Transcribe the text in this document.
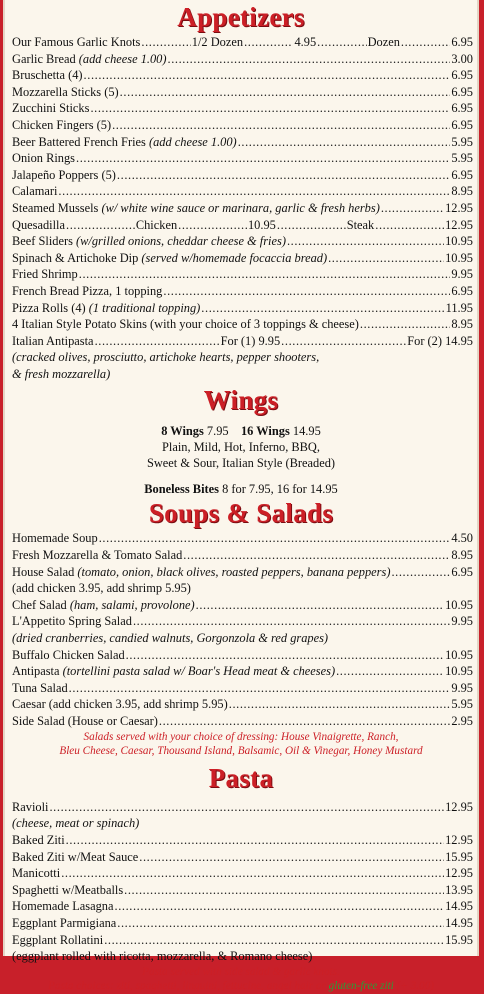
Appetizers
Our Famous Garlic Knots .....	1/2 Dozen .....	4.95 .....	Dozen .....	6.95
Garlic Bread (add cheese 1.00) .....	3.00
Bruschetta (4) .....	6.95
Mozzarella Sticks (5) .....	6.95
Zucchini Sticks .....	6.95
Chicken Fingers (5) .....	6.95
Beer Battered French Fries (add cheese 1.00) .....	5.95
Onion Rings .....	5.95
Jalapeño Poppers (5) .....	6.95
Calamari .....	8.95
Steamed Mussels (w/ white wine sauce or marinara, garlic & fresh herbs) .....	12.95
Quesadilla .....	Chicken .....	10.95 .....	Steak .....	12.95
Beef Sliders (w/grilled onions, cheddar cheese & fries) .....	10.95
Spinach & Artichoke Dip (served w/homemade focaccia bread) .....	10.95
Fried Shrimp .....	9.95
French Bread Pizza, 1 topping .....	6.95
Pizza Rolls (4) (1 traditional topping) .....	11.95
4 Italian Style Potato Skins (with your choice of 3 toppings & cheese) .....	8.95
Italian Antipasta .....	For (1) 9.95 .....	For (2) 14.95
(cracked olives, prosciutto, artichoke hearts, pepper shooters,
& fresh mozzarella)
Wings
8 Wings 7.95 16 Wings 14.95
Plain, Mild, Hot, Inferno, BBQ,
Sweet & Sour, Italian Style (Breaded)
Boneless Bites 8 for 7.95, 16 for 14.95
Soups & Salads
Homemade Soup .....	4.50
Fresh Mozzarella & Tomato Salad .....	8.95
House Salad (tomato, onion, black olives, roasted peppers, banana peppers) .....	6.95
(add chicken 3.95, add shrimp 5.95)
Chef Salad (ham, salami, provolone) .....	10.95
L'Appetito Spring Salad .....	9.95
(dried cranberries, candied walnuts, Gorgonzola & red grapes)
Buffalo Chicken Salad .....	10.95
Antipasta (tortellini pasta salad w/ Boar's Head meat & cheeses) .....	10.95
Tuna Salad .....	9.95
Caesar (add chicken 3.95, add shrimp 5.95) .....	5.95
Side Salad (House or Caesar) .....	2.95
Salads served with your choice of dressing: House Vinaigrette, Ranch,
Bleu Cheese, Caesar, Thousand Island, Balsamic, Oil & Vinegar, Honey Mustard
Pasta
Ravioli .....	12.95
(cheese, meat or spinach)
Baked Ziti .....	12.95
Baked Ziti w/Meat Sauce .....	15.95
Manicotti .....	12.95
Spaghetti w/Meatballs .....	13.95
Homemade Lasagna .....	14.95
Eggplant Parmigiana .....	14.95
Eggplant Rollatini .....	15.95
(eggplant rolled with ricotta, mozzarella, & Romano cheese)
Pasta served with side salad & garlic knots.
Pasta choices: ziti, spaghetti, linguini, fettucine, angel hair or gluten-free ziti (+ 3.00)
